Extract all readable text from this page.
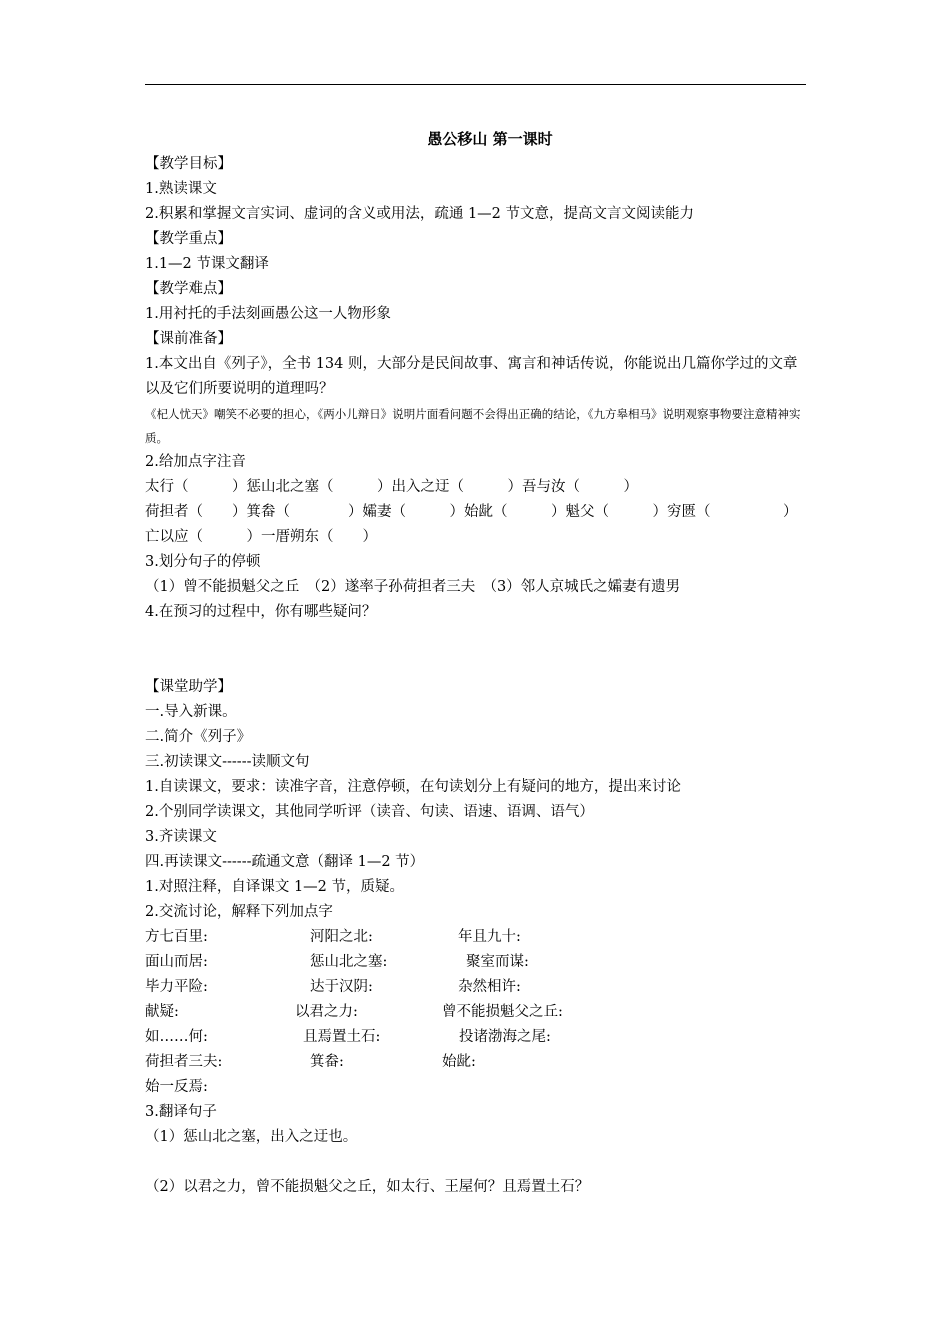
愚公移山 第一课时
【教学目标】
1.熟读课文
2.积累和掌握文言实词、虚词的含义或用法，疏通 1—2 节文意，提高文言文阅读能力
【教学重点】
1.1—2 节课文翻译
【教学难点】
1.用衬托的手法刻画愚公这一人物形象
【课前准备】
1.本文出自《列子》，全书 134 则，大部分是民间故事、寓言和神话传说，你能说出几篇你学过的文章以及它们所要说明的道理吗？
《杞人忧天》嘲笑不必要的担心，《两小儿辩日》说明片面看问题不会得出正确的结论，《九方皋相马》说明观察事物要注意精神实质。
2.给加点字注音
太行（　　　）惩山北之塞（　　　）出入之迂（　　　）吾与汝（　　　）
荷担者（　　）箕畚（　　　　）孀妻（　　　）始龀（　　　）魁父（　　　）穷匮（　　　　　）
亡以应（　　　）一厝朔东（　　）
3.划分句子的停顿
（1）曾不能损魁父之丘　（2）遂率子孙荷担者三夫　（3）邻人京城氏之孀妻有遗男
4.在预习的过程中，你有哪些疑问？
【课堂助学】
一.导入新课。
二.简介《列子》
三.初读课文------读顺文句
1.自读课文，要求：读准字音，注意停顿，在句读划分上有疑问的地方，提出来讨论
2.个别同学读课文，其他同学听评（读音、句读、语速、语调、语气）
3.齐读课文
四.再读课文------疏通文意（翻译 1—2 节）
1.对照注释，自译课文 1—2 节，质疑。
2.交流讨论，解释下列加点字
方七百里:	河阳之北:	年且九十:
面山而居:	惩山北之塞:	聚室而谋:
毕力平险:	达于汉阴:	杂然相许:
献疑:	以君之力:	曾不能损魁父之丘:
如……何:	且焉置土石:	投诸渤海之尾:
荷担者三夫:	箕畚:	始龀:
始一反焉:
3.翻译句子
（1）惩山北之塞，出入之迂也。
（2）以君之力，曾不能损魁父之丘，如太行、王屋何？且焉置土石？
